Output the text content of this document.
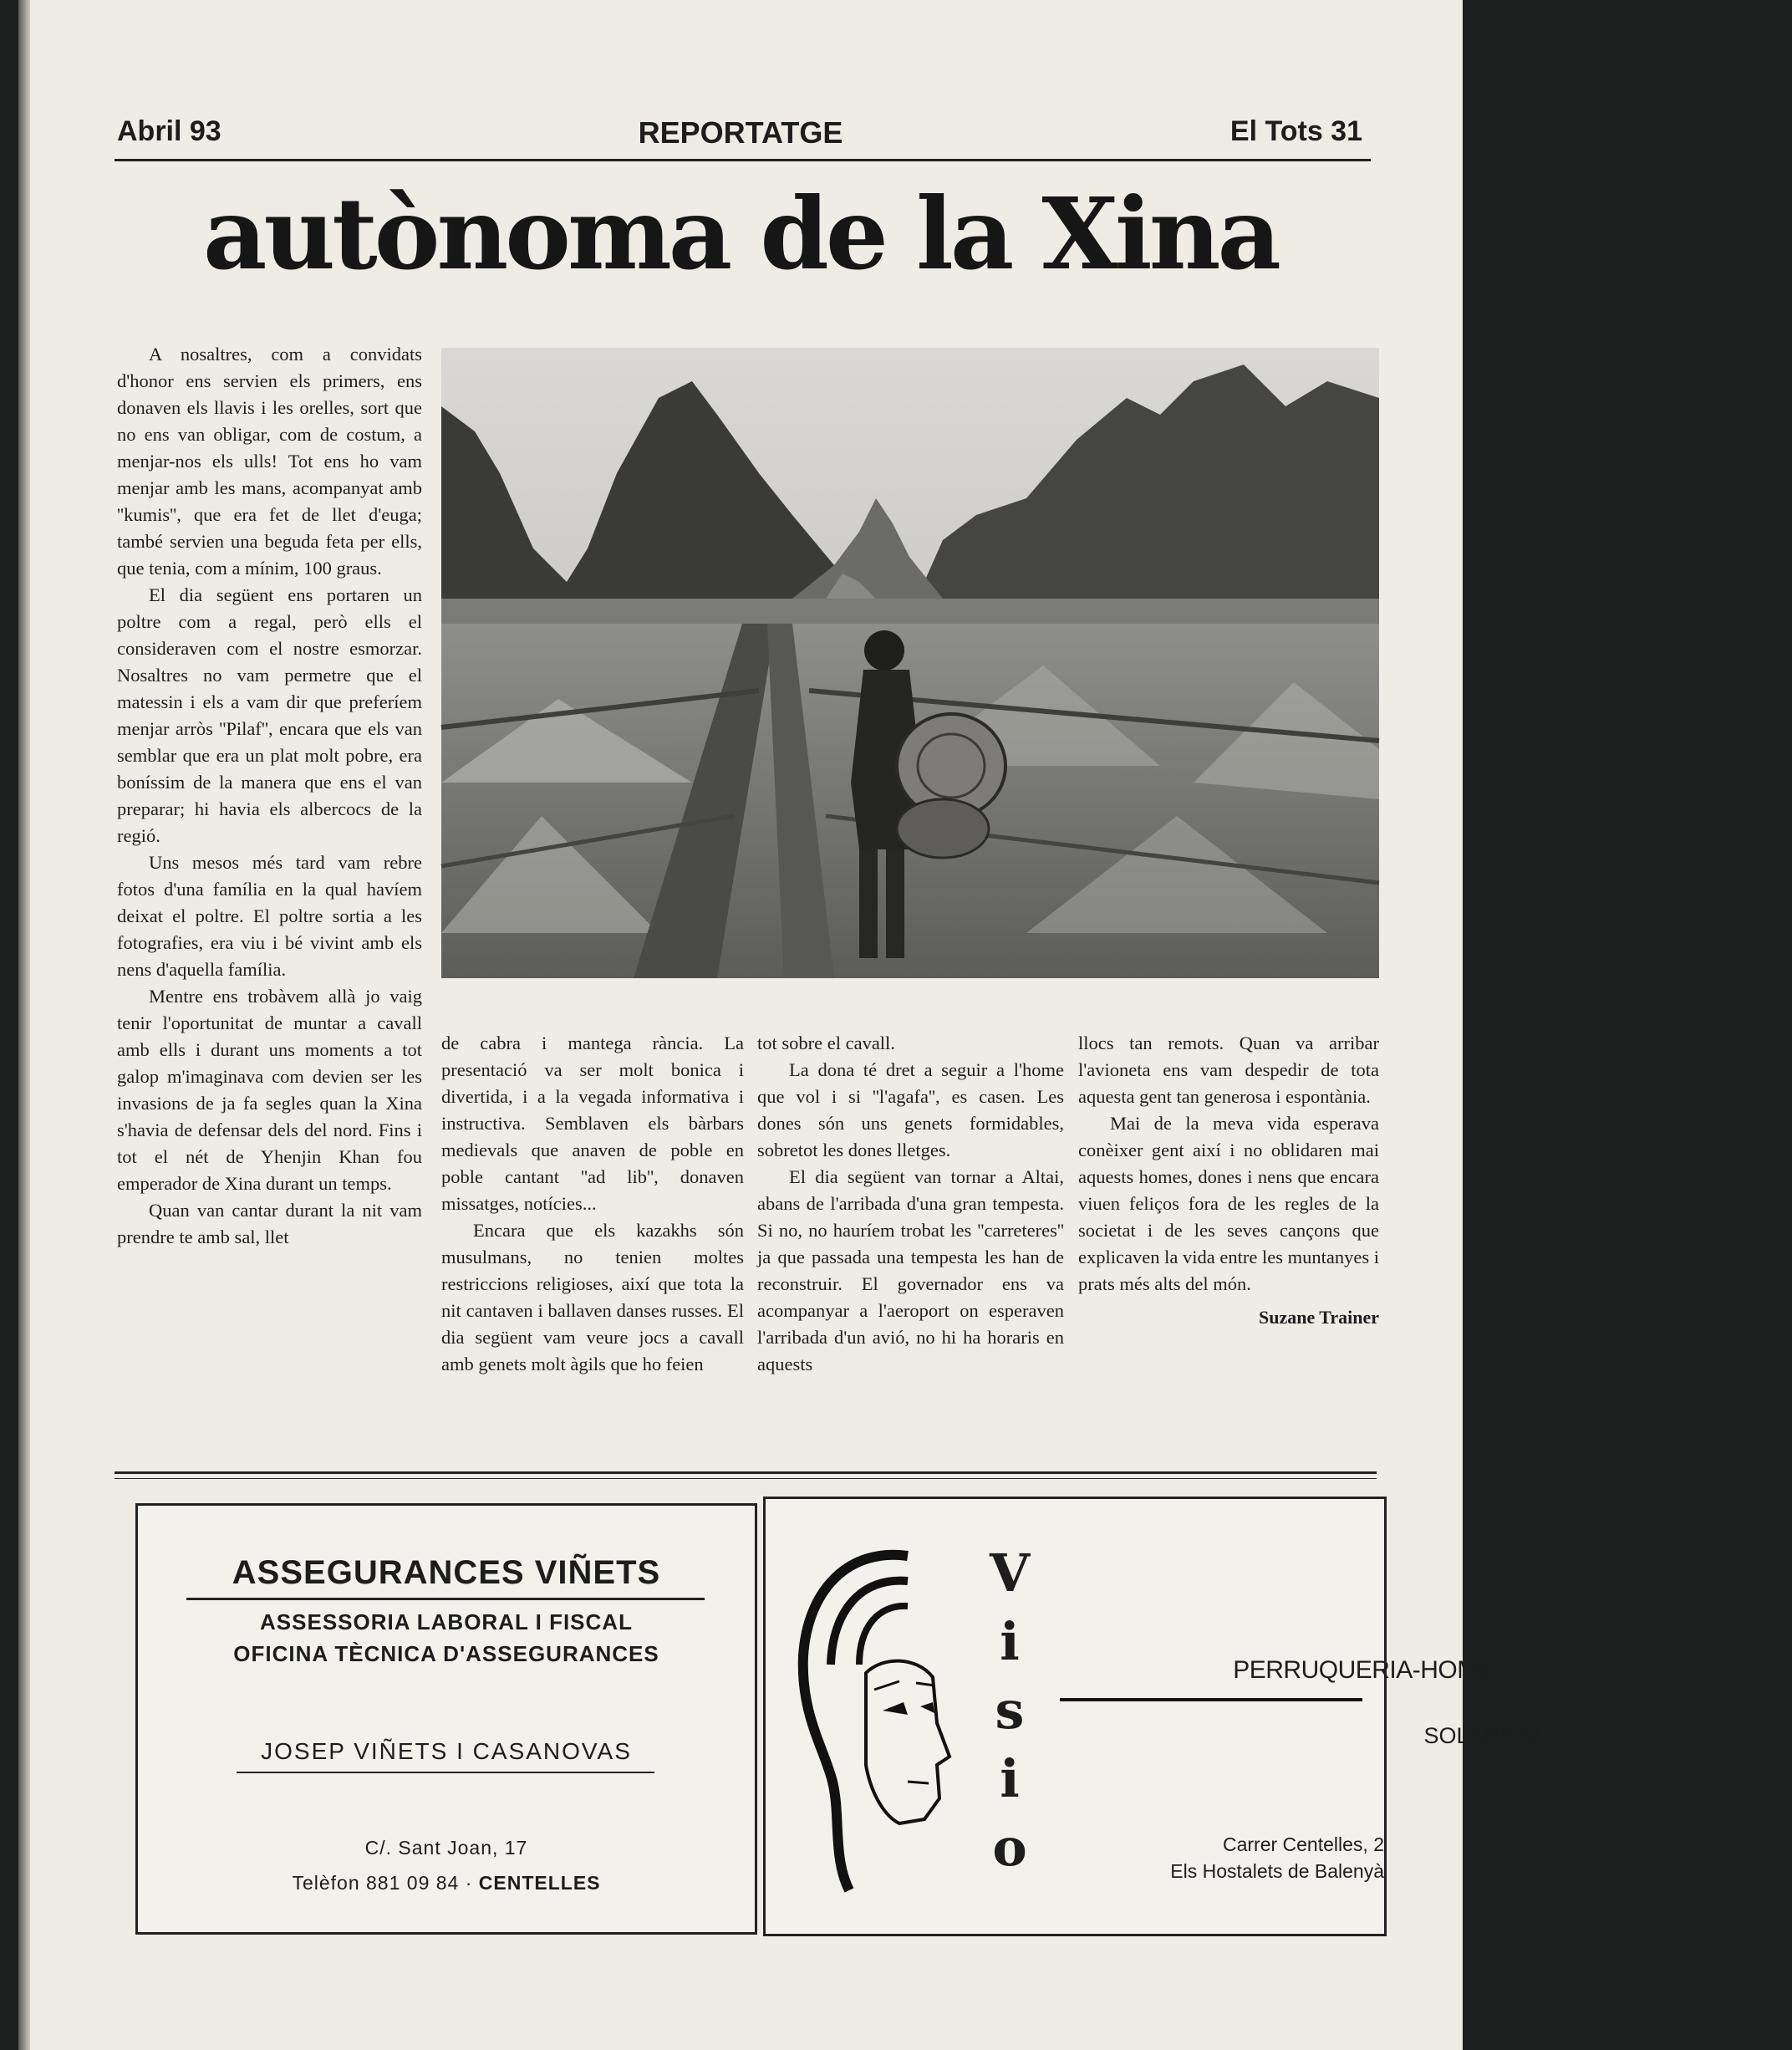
Abril 93	REPORTATGE	El Tots 31
autònoma de la Xina

A nosaltres, com a convidats d'honor ens servien els primers, ens donaven els llavis i les orelles, sort que no ens van obligar, com de costum, a menjar-nos els ulls! Tot ens ho vam menjar amb les mans, acompanyat amb ''kumis'', que era fet de llet d'euga; també servien una beguda feta per ells, que tenia, com a mínim, 100 graus.

El dia següent ens portaren un poltre com a regal, però ells el consideraven com el nostre esmorzar. Nosaltres no vam permetre que el matessin i els a vam dir que preferíem menjar arròs ''Pilaf'', encara que els van semblar que era un plat molt pobre, era boníssim de la manera que ens el van preparar; hi havia els albercocs de la regió.

Uns mesos més tard vam rebre fotos d'una família en la qual havíem deixat el poltre. El poltre sortia a les fotografies, era viu i bé vivint amb els nens d'aquella família.

Mentre ens trobàvem allà jo vaig tenir l'oportunitat de muntar a cavall amb ells i durant uns moments a tot galop m'imaginava com devien ser les invasions de ja fa segles quan la Xina s'havia de defensar dels del nord. Fins i tot el nét de Yhenjin Khan fou emperador de Xina durant un temps.

Quan van cantar durant la nit vam prendre te amb sal, llet

de cabra i mantega rància. La presentació va ser molt bonica i divertida, i a la vegada informativa i instructiva. Semblaven els bàrbars medievals que anaven de poble en poble cantant ''ad lib'', donaven missatges, notícies...

Encara que els kazakhs són musulmans, no tenien moltes restriccions religioses, així que tota la nit cantaven i ballaven danses russes. El dia següent vam veure jocs a cavall amb genets molt àgils que ho feien

tot sobre el cavall.

La dona té dret a seguir a l'home que vol i si ''l'agafa'', es casen. Les dones són uns genets formidables, sobretot les dones lletges.

El dia següent van tornar a Altai, abans de l'arribada d'una gran tempesta. Si no, no hauríem trobat les ''carreteres'' ja que passada una tempesta les han de reconstruir. El governador ens va acompanyar a l'aeroport on esperaven l'arribada d'un avió, no hi ha horaris en aquests

llocs tan remots. Quan va arribar l'avioneta ens vam despedir de tota aquesta gent tan generosa i espontània.

Mai de la meva vida esperava conèixer gent així i no oblidaren mai aquests homes, dones i nens que encara viuen feliços fora de les regles de la societat i de les seves cançons que explicaven la vida entre les muntanyes i prats més alts del món.

Suzane Trainer
ASSEGURANCES VIÑETS
ASSESSORIA LABORAL I FISCAL
OFICINA TÈCNICA D'ASSEGURANCES
JOSEP VIÑETS I CASANOVAS
C/. Sant Joan, 17
Telèfon 881 09 84 · CENTELLES
V
i
s
i
o
PERRUQUERIA-HOMES
SOLÀRIUM
Carrer Centelles, 2
Els Hostalets de Balenyà
